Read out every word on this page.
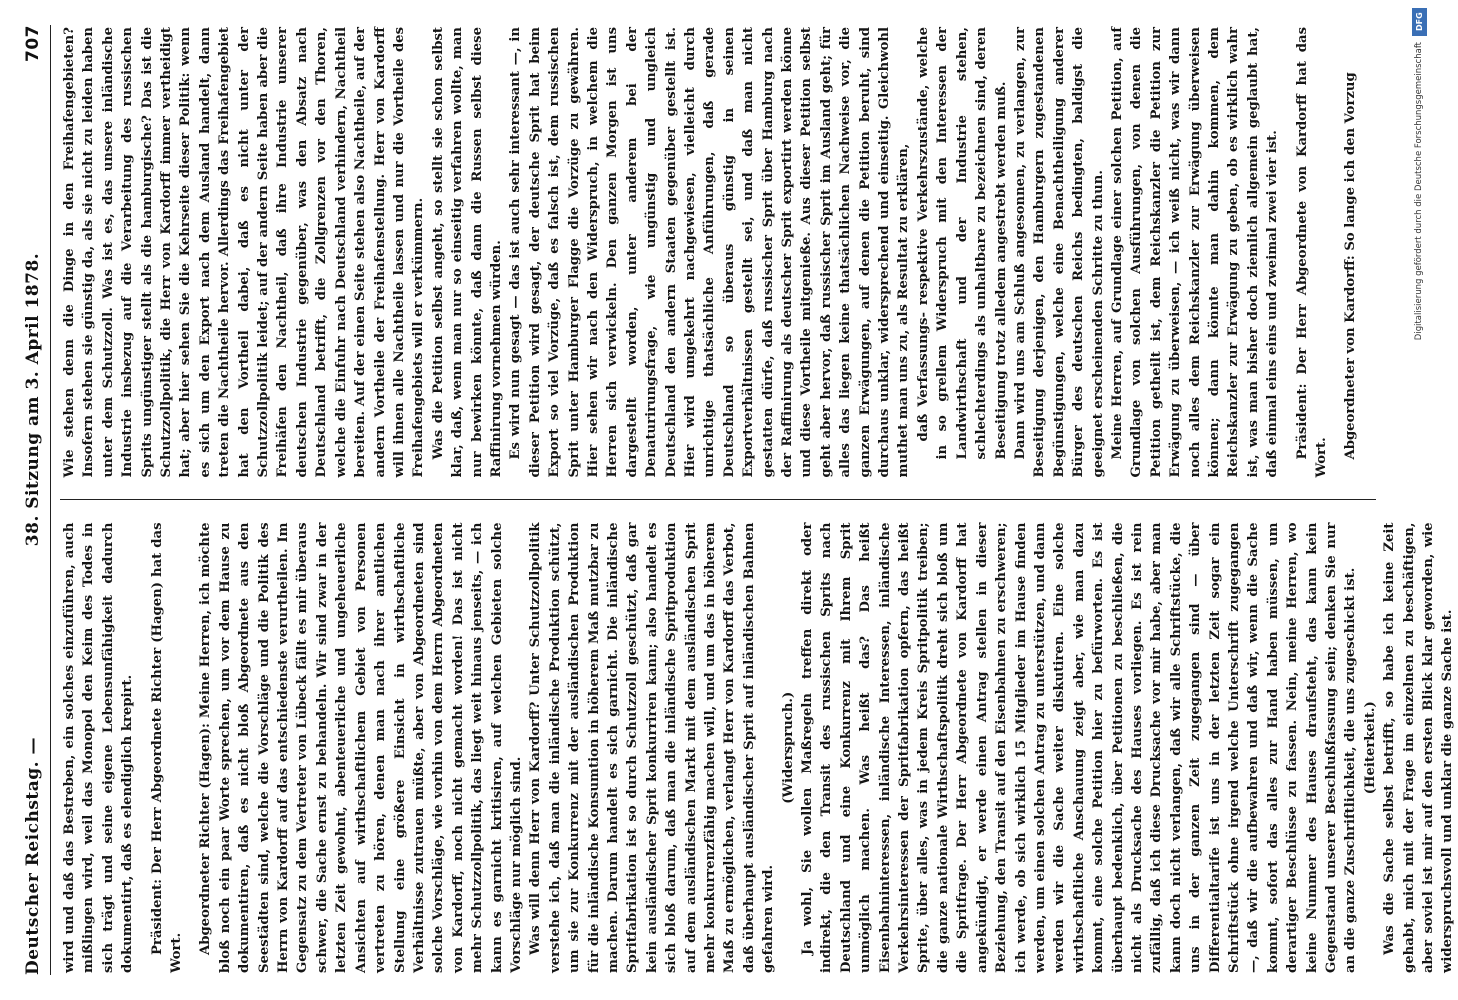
Deutscher Reichstag. —
38. Sitzung am 3. April 1878.
707

wird und daß das Bestreben, ein solches einzuführen, auch mißlingen wird, weil das Monopol den Keim des Todes in sich trägt und seine eigene Lebensunfähigkeit dadurch dokumentirt, daß es elendiglich krepirt. Präsident: Der Herr Abgeordnete Richter (Hagen) hat das Wort. Abgeordneter Richter (Hagen): Meine Herren, ich möchte bloß noch ein paar Worte sprechen, um vor dem Hause zu dokumentiren, daß es nicht bloß Abgeordnete aus den Seestädten sind, welche die Vorschläge und die Politik des Herrn von Kardorff auf das entschiedenste verurtheilen. Im Gegensatz zu dem Vertreter von Lübeck fällt es mir überaus schwer, die Sache ernst zu behandeln. Wir sind zwar in der letzten Zeit gewohnt, abenteuerliche und ungeheuerliche Ansichten auf wirthschaftlichem Gebiet von Personen vertreten zu hören, denen man nach ihrer amtlichen Stellung eine größere Einsicht in wirthschaftliche Verhältnisse zutrauen müßte, aber von Abgeordneten sind solche Vorschläge, wie vorhin von dem Herrn Abgeordneten von Kardorff, noch nicht gemacht worden! Das ist nicht mehr Schutzzollpolitik, das liegt weit hinaus jenseits, — ich kann es garnicht kritisiren, auf welchen Gebieten solche Vorschläge nur möglich sind. Was will denn Herr von Kardorff? Unter Schutzzollpolitik verstehe ich, daß man die inländische Produktion schützt, um sie zur Konkurrenz mit der ausländischen Produktion für die inländische Konsumtion in höherem Maß mutzbar zu machen. Darum handelt es sich garnicht. Die inländische Spritfabrikation ist so durch Schutzzoll geschützt, daß gar kein ausländischer Sprit konkurriren kann; also handelt es sich bloß darum, daß man die inländische Spritproduktion auf dem ausländischen Markt mit dem ausländischen Sprit mehr konkurrenzfähig machen will, und um das in höherem Maß zu ermöglichen, verlangt Herr von Kardorff das Verbot, daß überhaupt ausländischer Sprit auf inländischen Bahnen gefahren wird.

(Widerspruch.) Ja wohl, Sie wollen Maßregeln treffen direkt oder indirekt, die den Transit des russischen Sprits nach Deutschland und eine Konkurrenz mit Ihrem Sprit unmöglich machen. Was heißt das? Das heißt Eisenbahninteressen, inländische Interessen, inländische Verkehrsinteressen der Spritfabrikation opfern, das heißt Sprite, über alles, was in jedem Kreis Spritpolitik treiben; die ganze nationale Wirthschaftspolitik dreht sich bloß um die Spritfrage. Der Herr Abgeordnete von Kardorff hat angekündigt, er werde einen Antrag stellen in dieser Beziehung, den Transit auf den Eisenbahnen zu erschweren; ich werde, ob sich wirklich 15 Mitglieder im Hause finden werden, um einen solchen Antrag zu unterstützen, und dann werden wir die Sache weiter diskutiren. Eine solche wirthschaftliche Anschauung zeigt aber, wie man dazu kommt, eine solche Petition hier zu befürworten. Es ist überhaupt bedenklich, über Petitionen zu beschließen, die nicht als Drucksache des Hauses vorliegen. Es ist rein zufällig, daß ich diese Drucksache vor mir habe, aber man kann doch nicht verlangen, daß wir alle Schriftstücke, die uns in der ganzen Zeit zugegangen sind — über Differentialtarife ist uns in der letzten Zeit sogar ein Schriftstück ohne irgend welche Unterschrift zugegangen —, daß wir die aufbewahren und daß wir, wenn die Sache kommt, sofort das alles zur Hand haben müssen, um derartiger Beschlüsse zu fassen. Nein, meine Herren, wo keine Nummer des Hauses draufsteht, das kann kein Gegenstand unserer Beschlußfassung sein; denken Sie nur an die ganze Zuschriftlichkeit, die uns zugeschickt ist. (Heiterkeit.) Was die Sache selbst betrifft, so habe ich keine Zeit gehabt, mich mit der Frage im einzelnen zu beschäftigen, aber soviel ist mir auf den ersten Blick klar geworden, wie widerspruchsvoll und unklar die ganze Sache ist.

Wie stehen denn die Dinge in den Freihafengebieten? Insofern stehen sie günstig da, als sie nicht zu leiden haben unter dem Schutzzoll. Was ist es, das unsere inländische Industrie insbezug auf die Verarbeitung des russischen Sprits ungünstiger stellt als die hamburgische? Das ist die Schutzzollpolitik, die Herr von Kardorff immer vertheidigt hat; aber hier sehen Sie die Kehrseite dieser Politik: wenn es sich um den Export nach dem Ausland handelt, dann treten die Nachtheile hervor. Allerdings das Freihafengebiet hat den Vortheil dabei, daß es nicht unter der Schutzzollpolitik leidet; auf der andern Seite haben aber die Freihäfen den Nachtheil, daß ihre Industrie unserer deutschen Industrie gegenüber, was den Absatz nach Deutschland betrifft, die Zollgrenzen vor den Thoren, welche die Einfuhr nach Deutschland verhindern, Nachtheil bereiten. Auf der einen Seite stehen also Nachtheile, auf der andern Vortheile der Freihafenstellung. Herr von Kardorff will ihnen alle Nachtheile lassen und nur die Vortheile des Freihafengebiets will er verkümmern. Was die Petition selbst angeht, so stellt sie schon selbst klar, daß, wenn man nur so einseitig verfahren wollte, man nur bewirken könnte, daß dann die Russen selbst diese Raffinirung vornehmen würden. Es wird nun gesagt — das ist auch sehr interessant —, in dieser Petition wird gesagt, der deutsche Sprit hat beim Export so viel Vorzüge, daß es falsch ist, dem russischen Sprit unter Hamburger Flagge die Vorzüge zu gewähren. Hier sehen wir nach den Widerspruch, in welchem die Herren sich verwickeln. Den ganzen Morgen ist uns dargestellt worden, unter anderem bei der Denaturirungsfrage, wie ungünstig und ungleich Deutschland den andern Staaten gegenüber gestellt ist. Hier wird umgekehrt nachgewiesen, vielleicht durch unrichtige thatsächliche Anführungen, daß gerade Deutschland so überaus günstig in seinen Exportverhältnissen gestellt sei, und daß man nicht gestatten dürfe, daß russischer Sprit über Hamburg nach der Raffinirung als deutscher Sprit exportirt werden könne und diese Vortheile mitgenieße. Aus dieser Petition selbst geht aber hervor, daß russischer Sprit im Ausland geht; für alles das liegen keine thatsächlichen Nachweise vor, die ganzen Erwägungen, auf denen die Petition beruht, sind durchaus unklar, widersprechend und einseitig. Gleichwohl muthet man uns zu, als Resultat zu erklären, daß Verfassungs- respektive Verkehrszustände, welche in so grellem Widerspruch mit den Interessen der Landwirthschaft und der Industrie stehen, schlechterdings als unhaltbare zu bezeichnen sind, deren Beseitigung trotz alledem angestrebt werden muß. Dann wird uns am Schluß angesonnen, zu verlangen, zur Beseitigung derjenigen, den Hamburgern zugestandenen Begünstigungen, welche eine Benachtheiligung anderer Bürger des deutschen Reichs bedingten, baldigst die geeignet erscheinenden Schritte zu thun. Meine Herren, auf Grundlage einer solchen Petition, auf Grundlage von solchen Ausführungen, von denen die Petition getheilt ist, dem Reichskanzler die Petition zur Erwägung zu überweisen, — ich weiß nicht, was wir dann noch alles dem Reichskanzler zur Erwägung überweisen können; dann könnte man dahin kommen, dem Reichskanzler zur Erwägung zu geben, ob es wirklich wahr ist, was man bisher doch ziemlich allgemein geglaubt hat, daß einmal eins eins und zweimal zwei vier ist. Präsident: Der Herr Abgeordnete von Kardorff hat das Wort. Abgeordneter von Kardorff: So lange ich den Vorzug

DFG
Digitalisierung gefördert durch die Deutsche Forschungsgemeinschaft
